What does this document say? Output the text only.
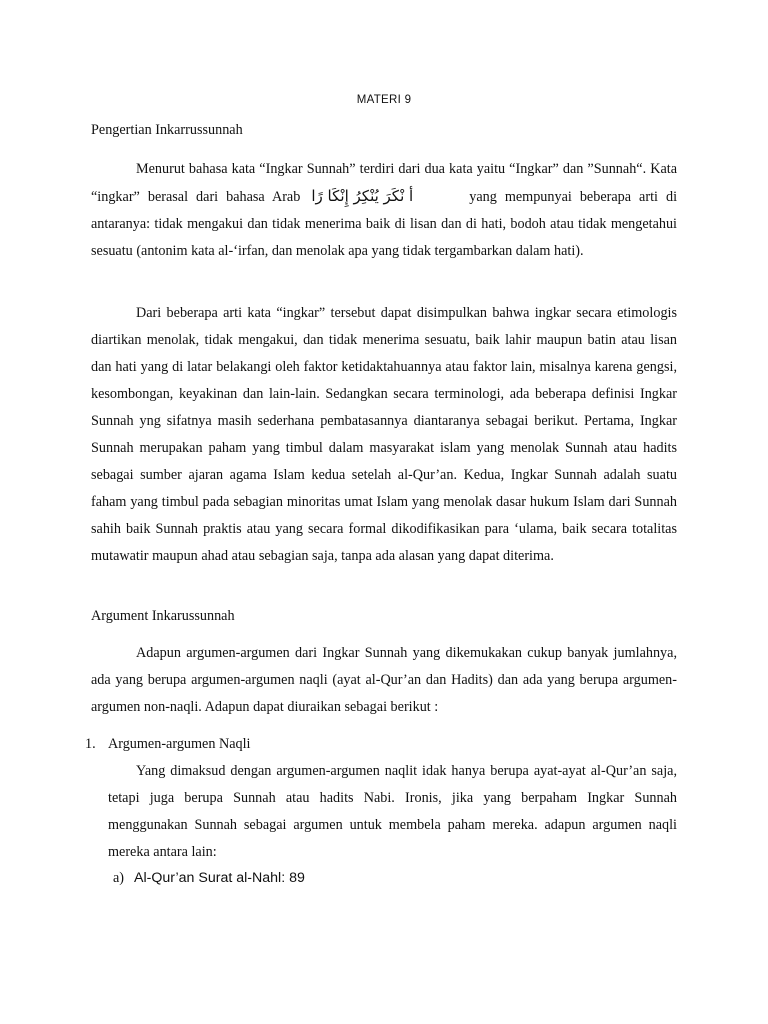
MATERI 9
Pengertian Inkarrussunnah
Menurut bahasa kata “Ingkar Sunnah” terdiri dari dua kata yaitu “Ingkar” dan ”Sunnah“. Kata “ingkar” berasal dari bahasa Arab أ نْكَرَ يُنْكِرُ إِنْكَا رًا	yang mempunyai beberapa arti di antaranya: tidak mengakui dan tidak menerima baik di lisan dan di hati, bodoh atau tidak mengetahui sesuatu (antonim kata al-‘irfan, dan menolak apa yang tidak tergambarkan dalam hati).
Dari beberapa arti kata “ingkar” tersebut dapat disimpulkan bahwa ingkar secara etimologis diartikan menolak, tidak mengakui, dan tidak menerima sesuatu, baik lahir maupun batin atau lisan dan hati yang di latar belakangi oleh faktor ketidaktahuannya atau faktor lain, misalnya karena gengsi, kesombongan, keyakinan dan lain-lain. Sedangkan secara terminologi, ada beberapa definisi Ingkar Sunnah yng sifatnya masih sederhana pembatasannya diantaranya sebagai berikut. Pertama, Ingkar Sunnah merupakan paham yang timbul dalam masyarakat islam yang menolak Sunnah atau hadits sebagai sumber ajaran agama Islam kedua setelah al-Qur’an. Kedua, Ingkar Sunnah adalah suatu faham yang timbul pada sebagian minoritas umat Islam yang menolak dasar hukum Islam dari Sunnah sahih baik Sunnah praktis atau yang secara formal dikodifikasikan para ‘ulama, baik secara totalitas mutawatir maupun ahad atau sebagian saja, tanpa ada alasan yang dapat diterima.
Argument Inkarussunnah
Adapun argumen-argumen dari Ingkar Sunnah yang dikemukakan cukup banyak jumlahnya, ada yang berupa argumen-argumen naqli (ayat al-Qur’an dan Hadits) dan ada yang berupa argumen-argumen non-naqli. Adapun dapat diuraikan sebagai berikut :
1. Argumen-argumen Naqli
Yang dimaksud dengan argumen-argumen naqlit idak hanya berupa ayat-ayat al-Qur’an saja, tetapi juga berupa Sunnah atau hadits Nabi. Ironis, jika yang berpaham Ingkar Sunnah menggunakan Sunnah sebagai argumen untuk membela paham mereka. adapun argumen naqli mereka antara lain:
a) Al-Qur’an Surat al-Nahl: 89
